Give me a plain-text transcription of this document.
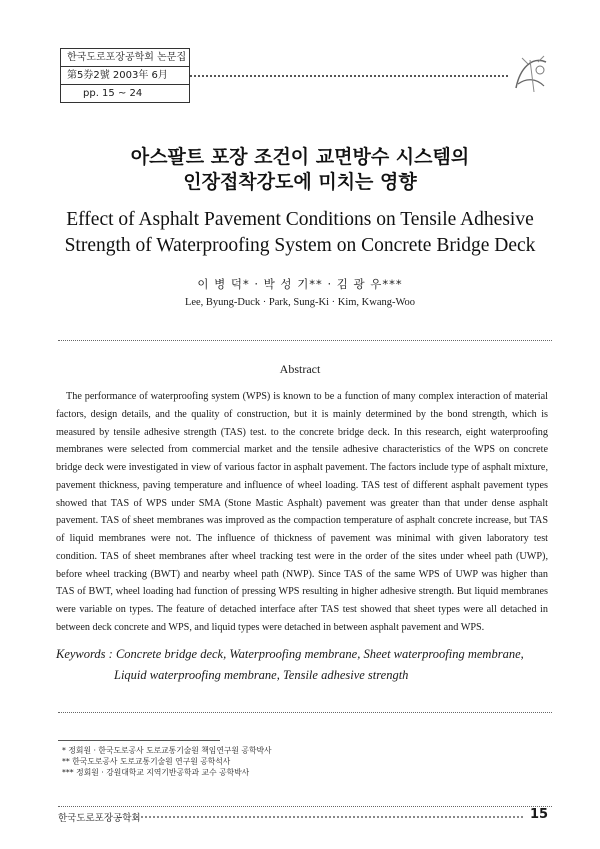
한국도로포장공학회 논문집
第5券2號 2003年 6月
pp. 15 ~ 24
아스팔트 포장 조건이 교면방수 시스템의
인장접착강도에 미치는 영향
Effect of Asphalt Pavement Conditions on Tensile Adhesive
Strength of Waterproofing System on Concrete Bridge Deck
이 병 덕* · 박 성 기** · 김 광 우***
Lee, Byung-Duck · Park, Sung-Ki · Kim, Kwang-Woo
Abstract

The performance of waterproofing system (WPS) is known to be a function of many complex interaction of material factors, design details, and the quality of construction, but it is mainly determined by the bond strength, which is measured by tensile adhesive strength (TAS) test. to the concrete bridge deck. In this research, eight waterproofing membranes were selected from commercial market and the tensile adhesive characteristics of the WPS on concrete bridge deck were investigated in view of various factor in asphalt pavement. The factors include type of asphalt mixture, pavement thickness, paving temperature and influence of wheel loading. TAS test of different asphalt pavement types showed that TAS of WPS under SMA (Stone Mastic Asphalt) pavement was greater than that under dense asphalt pavement. TAS of sheet membranes was improved as the compaction temperature of asphalt concrete increase, but TAS of liquid membranes were not. The influence of thickness of pavement was minimal with given laboratory test condition. TAS of sheet membranes after wheel tracking test were in the order of the sites under wheel path (UWP), before wheel tracking (BWT) and nearby wheel path (NWP). Since TAS of the same WPS of UWP was higher than TAS of BWT, wheel loading had function of pressing WPS resulting in higher adhesive strength. But liquid membranes were variable on types. The feature of detached interface after TAS test showed that sheet types were all detached in between deck concrete and WPS, and liquid types were detached in between asphalt pavement and WPS.

Keywords : Concrete bridge deck, Waterproofing membrane, Sheet waterproofing membrane,
Liquid waterproofing membrane, Tensile adhesive strength
* 정회원 · 한국도로공사 도로교통기술원 책임연구원 공학박사
** 한국도로공사 도로교통기술원 연구원 공학석사
*** 정회원 · 강원대학교 지역기반공학과 교수 공학박사
한국도로포장공학회	15
